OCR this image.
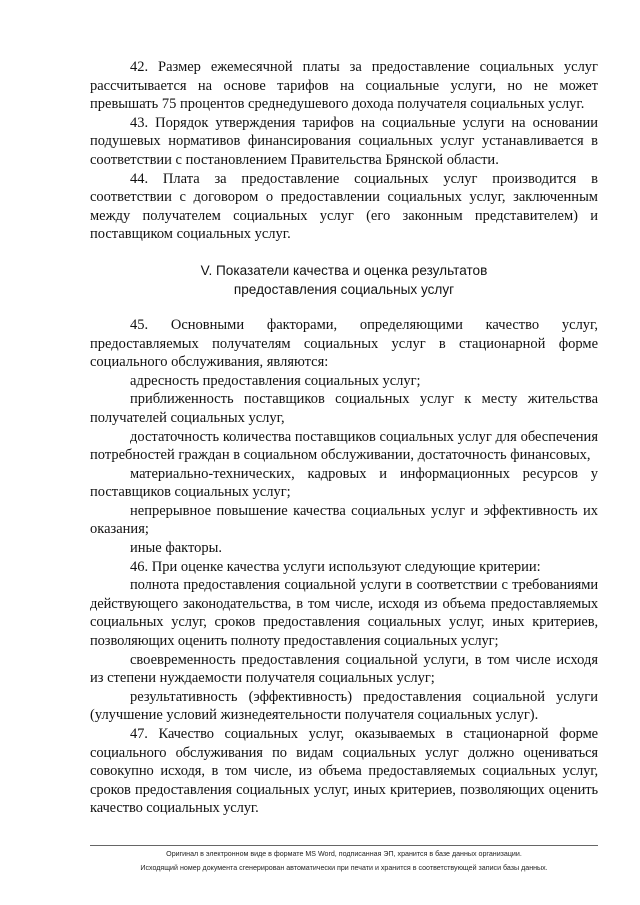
42. Размер ежемесячной платы за предоставление социальных услуг рассчитывается на основе тарифов на социальные услуги, но не может превышать 75 процентов среднедушевого дохода получателя социальных услуг.

43. Порядок утверждения тарифов на социальные услуги на основании подушевых нормативов финансирования социальных услуг устанавливается в соответствии с постановлением Правительства Брянской области.

44. Плата за предоставление социальных услуг производится в соответствии с договором о предоставлении социальных услуг, заключенным между получателем социальных услуг (его законным представителем) и поставщиком социальных услуг.

V. Показатели качества и оценка результатов
предоставления социальных услуг

45. Основными факторами, определяющими качество услуг, предоставляемых получателям социальных услуг в стационарной форме социального обслуживания, являются:

адресность предоставления социальных услуг;

приближенность поставщиков социальных услуг к месту жительства получателей социальных услуг,

достаточность количества поставщиков социальных услуг для обеспечения потребностей граждан в социальном обслуживании, достаточность финансовых,

материально-технических, кадровых и информационных ресурсов у поставщиков социальных услуг;

непрерывное повышение качества социальных услуг и эффективность их оказания;

иные факторы.

46. При оценке качества услуги используют следующие критерии:

полнота предоставления социальной услуги в соответствии с требованиями действующего законодательства, в том числе, исходя из объема предоставляемых социальных услуг, сроков предоставления социальных услуг, иных критериев, позволяющих оценить полноту предоставления социальных услуг;

своевременность предоставления социальной услуги, в том числе исходя из степени нуждаемости получателя социальных услуг;

результативность (эффективность) предоставления социальной услуги (улучшение условий жизнедеятельности получателя социальных услуг).

47. Качество социальных услуг, оказываемых в стационарной форме социального обслуживания по видам социальных услуг должно оцениваться совокупно исходя, в том числе, из объема предоставляемых социальных услуг, сроков предоставления социальных услуг, иных критериев, позволяющих оценить качество социальных услуг.

Оригинал в электронном виде в формате MS Word, подписанная ЭП, хранится в базе данных организации.
Исходящий номер документа сгенерирован автоматически при печати и хранится в соответствующей записи базы данных.
